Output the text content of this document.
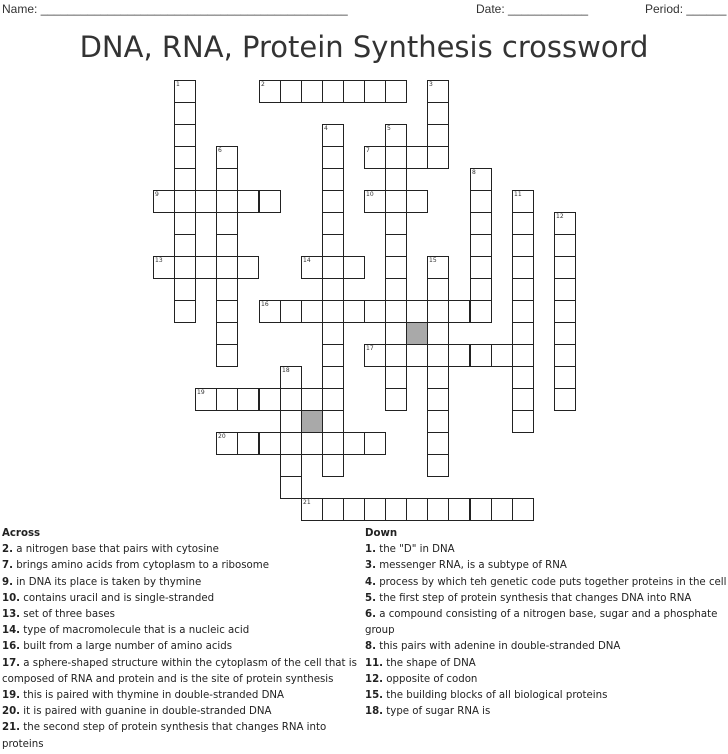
Name: ______________________________________________	Date: ____________	Period: ______
DNA, RNA, Protein Synthesis crossword
1	2	3
4	5
6	7
8
9	10	11
12
13	14	15
16
17
18
19
20
21
Across
2. a nitrogen base that pairs with cytosine
7. brings amino acids from cytoplasm to a ribosome
9. in DNA its place is taken by thymine
10. contains uracil and is single-stranded
13. set of three bases
14. type of macromolecule that is a nucleic acid
16. built from a large number of amino acids
17. a sphere-shaped structure within the cytoplasm of the cell that is composed of RNA and protein and is the site of protein synthesis
19. this is paired with thymine in double-stranded DNA
20. it is paired with guanine in double-stranded DNA
21. the second step of protein synthesis that changes RNA into proteins
Down
1. the "D" in DNA
3. messenger RNA, is a subtype of RNA
4. process by which teh genetic code puts together proteins in the cell
5. the first step of protein synthesis that changes DNA into RNA
6. a compound consisting of a nitrogen base, sugar and a phosphate group
8. this pairs with adenine in double-stranded DNA
11. the shape of DNA
12. opposite of codon
15. the building blocks of all biological proteins
18. type of sugar RNA is
